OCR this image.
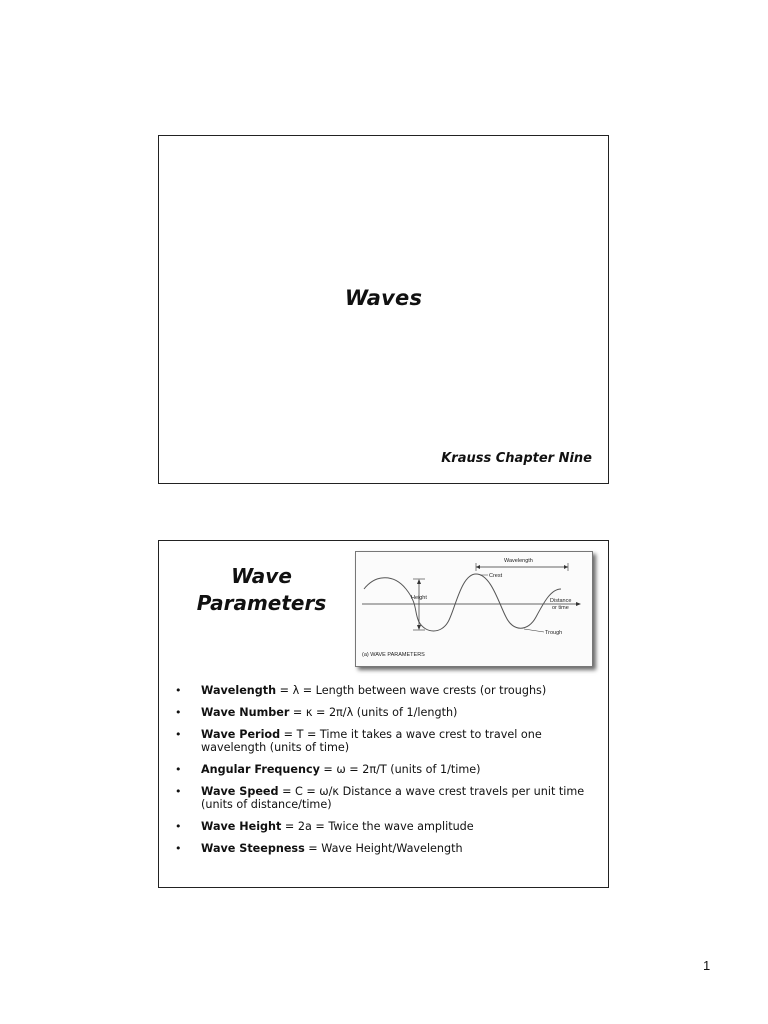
Waves
Krauss Chapter Nine
Wave
Parameters	Height
Wavelength
Crest
Distance
or time
Trough
(a) WAVE PARAMETERS
• Wavelength = λ = Length between wave crests (or troughs)
• Wave Number = κ = 2π/λ (units of 1/length)
• Wave Period = T = Time it takes a wave crest to travel one wavelength (units of time)
• Angular Frequency = ω = 2π/T (units of 1/time)
• Wave Speed = C = ω/κ Distance a wave crest travels per unit time (units of distance/time)
• Wave Height = 2a = Twice the wave amplitude
• Wave Steepness = Wave Height/Wavelength
1
